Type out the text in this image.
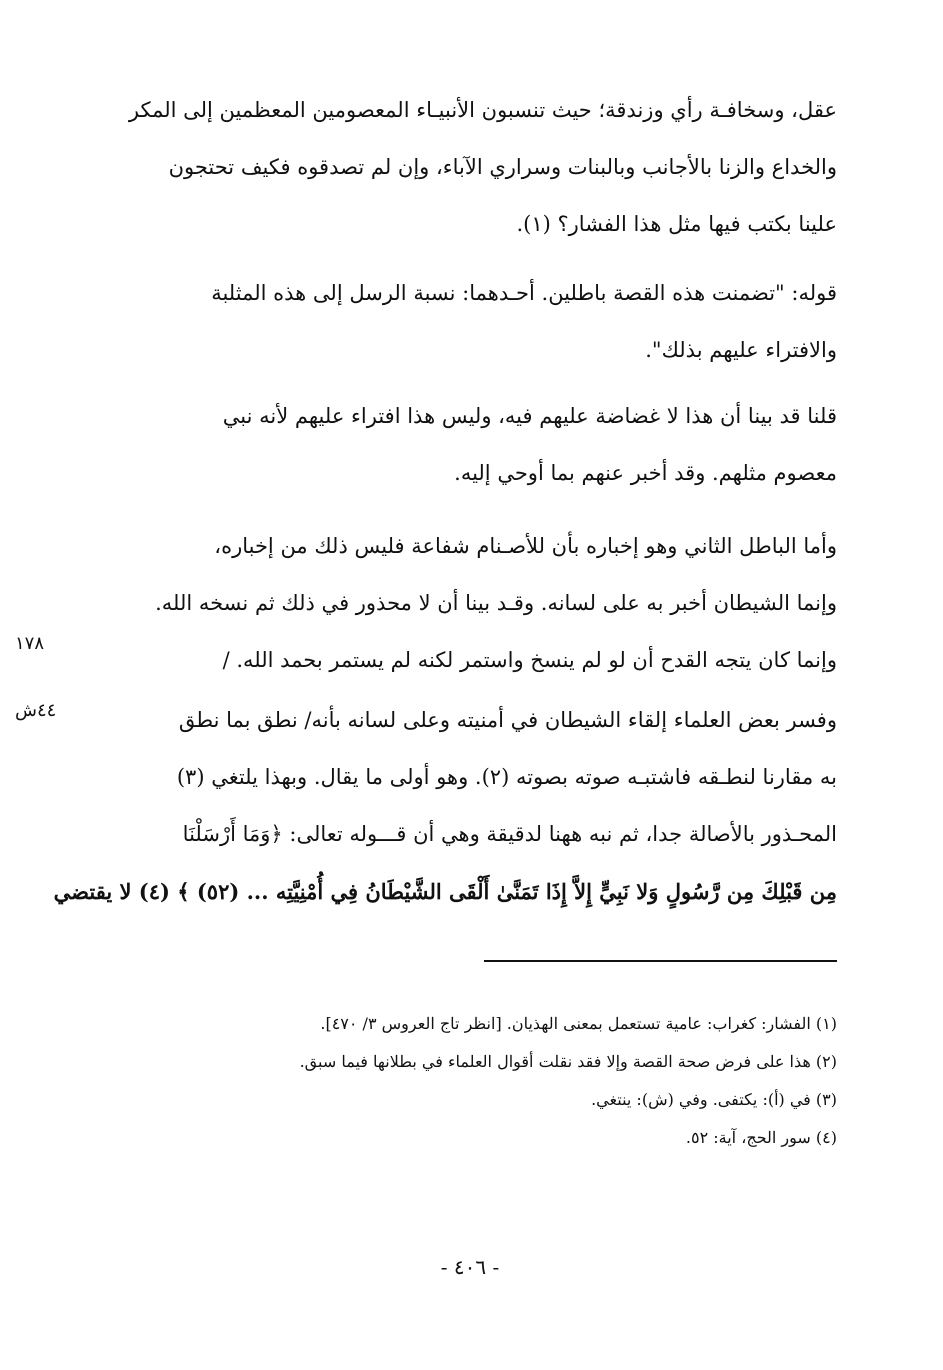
عقل، وسخافـة رأي وزندقة؛ حيث تنسبون الأنبيـاء المعصومين المعظمين إلى المكر
والخداع والزنا بالأجانب وبالبنات وسراري الآباء، وإن لم تصدقوه فكيف تحتجون
علينا بكتب فيها مثل هذا الفشار؟ (١).
قوله: "تضمنت هذه القصة باطلين. أحـدهما: نسبة الرسل إلى هذه المثلبة
والافتراء عليهم بذلك".
قلنا قد بينا أن هذا لا غضاضة عليهم فيه، وليس هذا افتراء عليهم لأنه نبي
معصوم مثلهم. وقد أخبر عنهم بما أوحي إليه.
وأما الباطل الثاني وهو إخباره بأن للأصـنام شفاعة فليس ذلك من إخباره،
وإنما الشيطان أخبر به على لسانه. وقـد بينا أن لا محذور في ذلك ثم نسخه الله.
وإنما كان يتجه القدح أن لو لم ينسخ واستمر لكنه لم يستمر بحمد الله. /
وفسر بعض العلماء إلقاء الشيطان في أمنيته وعلى لسانه بأنه/ نطق بما نطق
به مقارنا لنطـقه فاشتبـه صوته بصوته (٢). وهو أولى ما يقال. وبهذا يلتغي (٣)
المحـذور بالأصالة جدا، ثم نبه ههنا لدقيقة وهي أن قـــوله تعالى: ﴿وَمَا أَرْسَلْنَا
مِن قَبْلِكَ مِن رَّسُولٍ وَلا نَبِيٍّ إِلاَّ إِذَا تَمَنَّىٰ أَلْقَى الشَّيْطَانُ فِي أُمْنِيَّتِه ... (٥٢) ﴾ (٤) لا يقتضي
١٧٨
٤٤ش
(١) الفشار: كغراب: عامية تستعمل بمعنى الهذيان. [انظر تاج العروس ٣/ ٤٧٠].
(٢) هذا على فرض صحة القصة وإلا فقد نقلت أقوال العلماء في بطلانها فيما سبق.
(٣) في (أ): يكتفى. وفي (ش): ينتغي.
(٤) سور الحج، آية: ٥٢.
- ٤٠٦ -
